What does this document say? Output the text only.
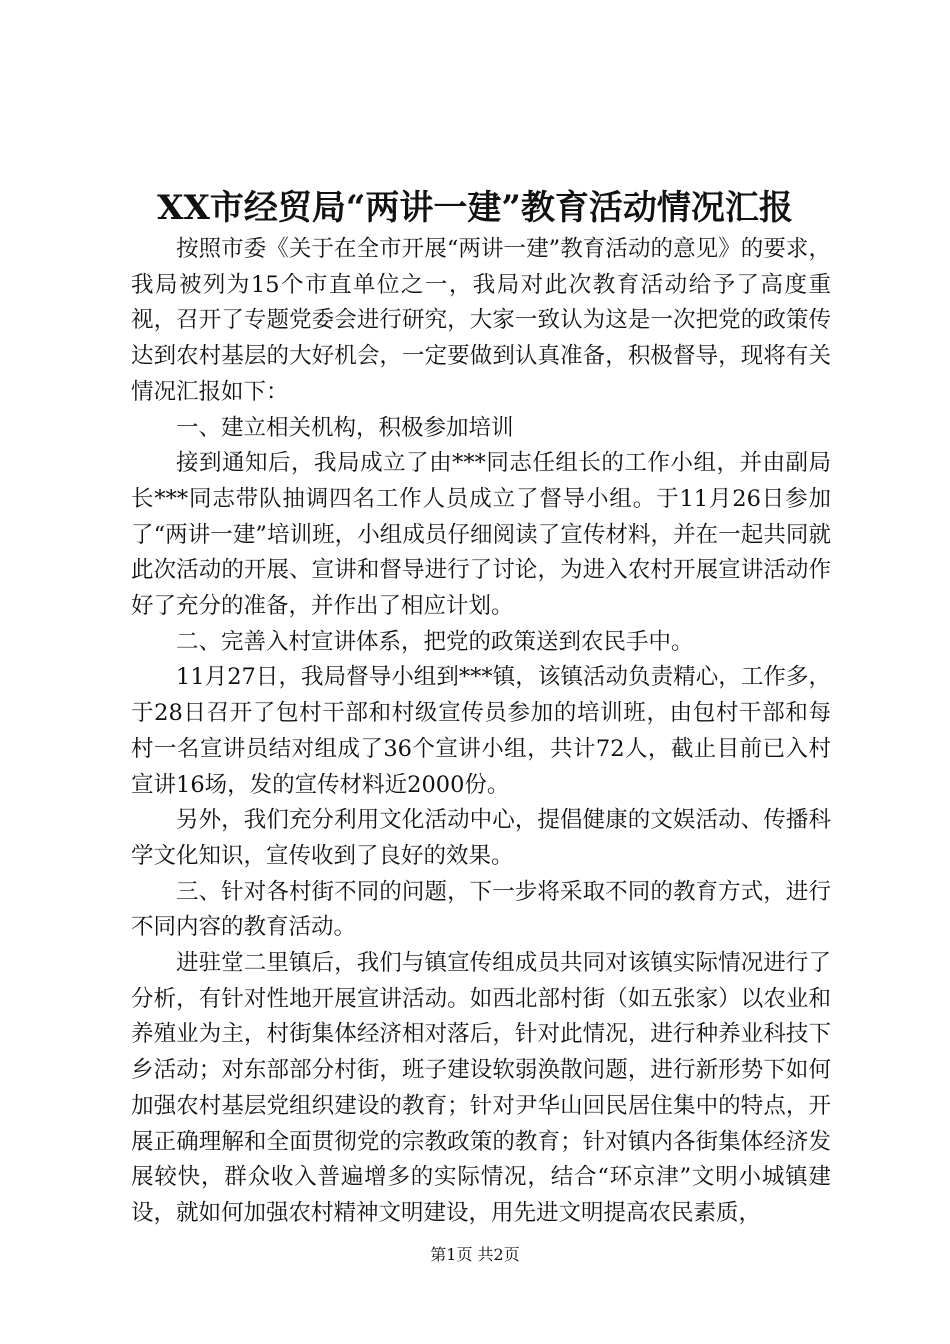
XX市经贸局“两讲一建”教育活动情况汇报

按照市委《关于在全市开展“两讲一建”教育活动的意见》的要求，我局被列为15个市直单位之一，我局对此次教育活动给予了高度重视，召开了专题党委会进行研究，大家一致认为这是一次把党的政策传达到农村基层的大好机会，一定要做到认真准备，积极督导，现将有关情况汇报如下：

一、建立相关机构，积极参加培训

接到通知后，我局成立了由***同志任组长的工作小组，并由副局长***同志带队抽调四名工作人员成立了督导小组。于11月26日参加了“两讲一建”培训班，小组成员仔细阅读了宣传材料，并在一起共同就此次活动的开展、宣讲和督导进行了讨论，为进入农村开展宣讲活动作好了充分的准备，并作出了相应计划。

二、完善入村宣讲体系，把党的政策送到农民手中。

11月27日，我局督导小组到***镇，该镇活动负责精心，工作多，于28日召开了包村干部和村级宣传员参加的培训班，由包村干部和每村一名宣讲员结对组成了36个宣讲小组，共计72人，截止目前已入村宣讲16场，发的宣传材料近2000份。

另外，我们充分利用文化活动中心，提倡健康的文娱活动、传播科学文化知识，宣传收到了良好的效果。

三、针对各村街不同的问题，下一步将采取不同的教育方式，进行不同内容的教育活动。

进驻堂二里镇后，我们与镇宣传组成员共同对该镇实际情况进行了分析，有针对性地开展宣讲活动。如西北部村街（如五张家）以农业和养殖业为主，村街集体经济相对落后，针对此情况，进行种养业科技下乡活动；对东部部分村街，班子建设软弱涣散问题，进行新形势下如何加强农村基层党组织建设的教育；针对尹华山回民居住集中的特点，开展正确理解和全面贯彻党的宗教政策的教育；针对镇内各街集体经济发展较快，群众收入普遍增多的实际情况，结合“环京津”文明小城镇建设，就如何加强农村精神文明建设，用先进文明提高农民素质，

第1页 共2页
